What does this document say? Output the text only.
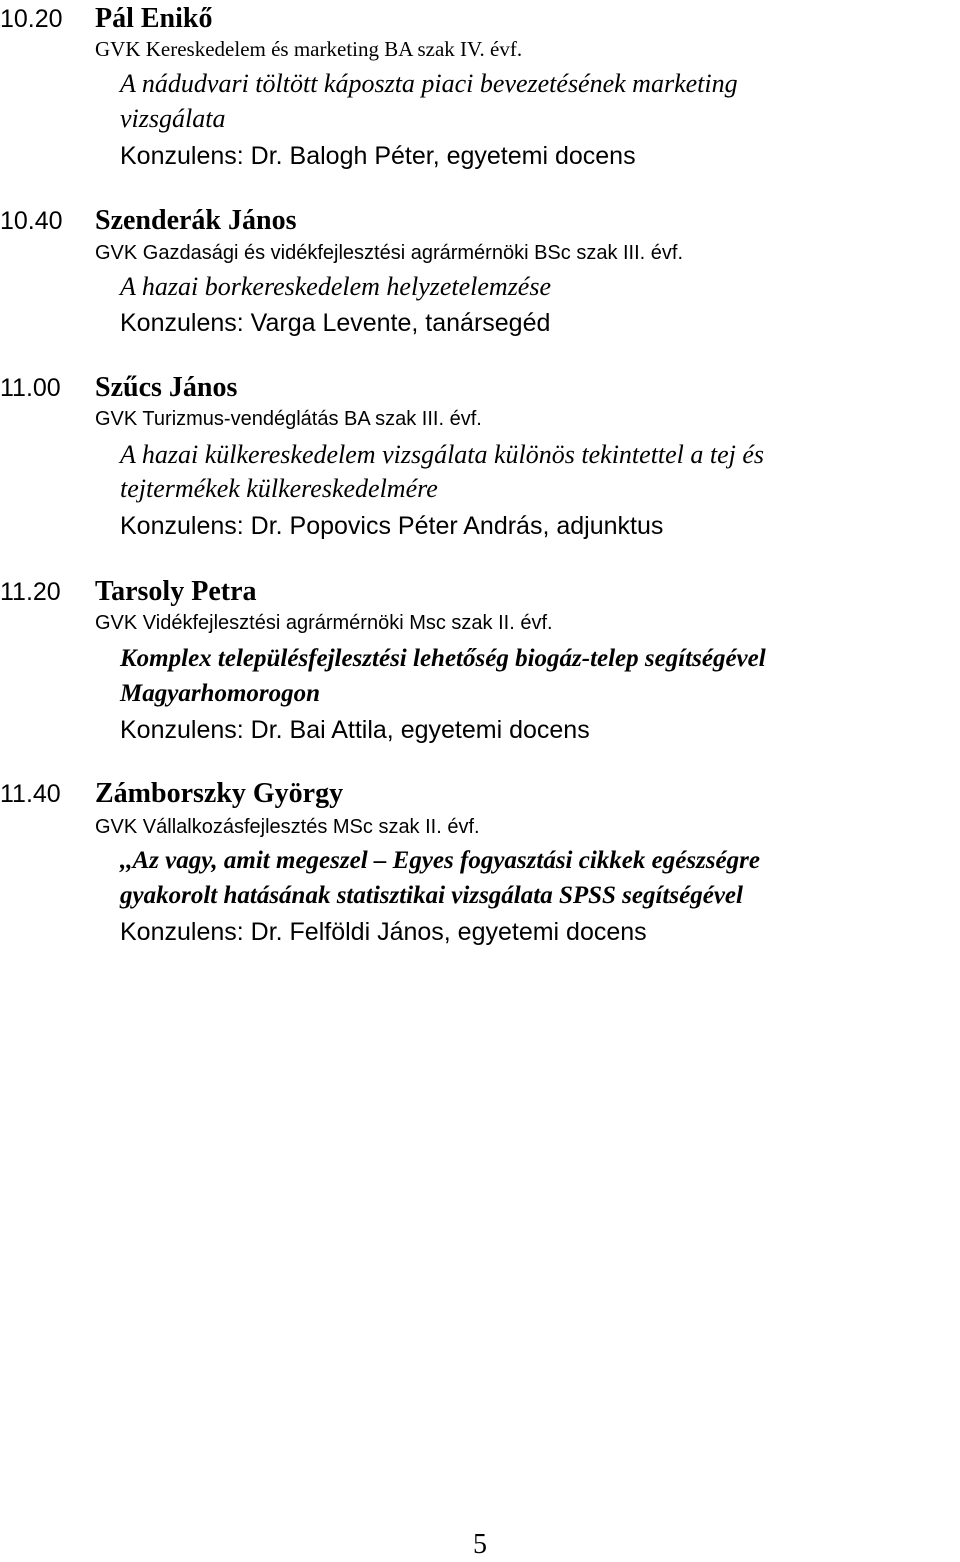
10.20 Pál Enikő
GVK Kereskedelem és marketing BA szak IV. évf.
A nádudvari töltött káposzta piaci bevezetésének marketing
vizsgálata
Konzulens: Dr. Balogh Péter, egyetemi docens
10.40 Szenderák János
GVK Gazdasági és vidékfejlesztési agrármérnöki BSc szak III. évf.
A hazai borkereskedelem helyzetelemzése
Konzulens: Varga Levente, tanársegéd
11.00 Szűcs János
GVK Turizmus-vendéglátás BA szak III. évf.
A hazai külkereskedelem vizsgálata különös tekintettel a tej és
tejtermékek külkereskedelmére
Konzulens: Dr. Popovics Péter András, adjunktus
11.20 Tarsoly Petra
GVK Vidékfejlesztési agrármérnöki Msc szak II. évf.
Komplex településfejlesztési lehetőség biogáz-telep segítségével
Magyarhomorogon
Konzulens: Dr. Bai Attila, egyetemi docens
11.40 Zámborszky György
GVK Vállalkozásfejlesztés MSc szak II. évf.
,,Az vagy, amit megeszel – Egyes fogyasztási cikkek egészségre
gyakorolt hatásának statisztikai vizsgálata SPSS segítségével
Konzulens: Dr. Felföldi János, egyetemi docens
5
